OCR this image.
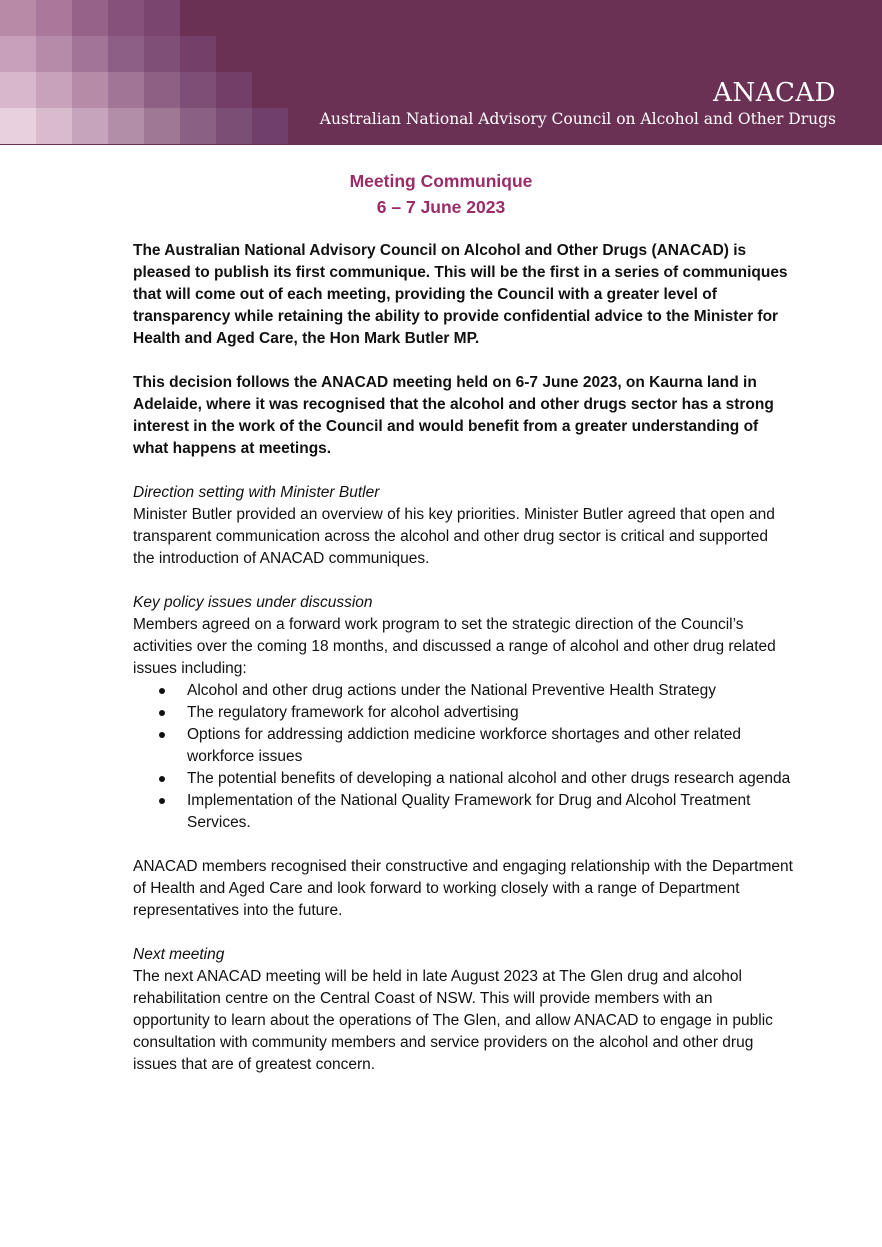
ANACAD
Australian National Advisory Council on Alcohol and Other Drugs
Meeting Communique
6 – 7 June 2023

The Australian National Advisory Council on Alcohol and Other Drugs (ANACAD) is pleased to publish its first communique. This will be the first in a series of communiques that will come out of each meeting, providing the Council with a greater level of transparency while retaining the ability to provide confidential advice to the Minister for Health and Aged Care, the Hon Mark Butler MP.

This decision follows the ANACAD meeting held on 6-7 June 2023, on Kaurna land in Adelaide, where it was recognised that the alcohol and other drugs sector has a strong interest in the work of the Council and would benefit from a greater understanding of what happens at meetings.

Direction setting with Minister Butler
Minister Butler provided an overview of his key priorities. Minister Butler agreed that open and transparent communication across the alcohol and other drug sector is critical and supported the introduction of ANACAD communiques.

Key policy issues under discussion
Members agreed on a forward work program to set the strategic direction of the Council’s activities over the coming 18 months, and discussed a range of alcohol and other drug related issues including:

Alcohol and other drug actions under the National Preventive Health Strategy
The regulatory framework for alcohol advertising
Options for addressing addiction medicine workforce shortages and other related workforce issues
The potential benefits of developing a national alcohol and other drugs research agenda
Implementation of the National Quality Framework for Drug and Alcohol Treatment Services.

ANACAD members recognised their constructive and engaging relationship with the Department of Health and Aged Care and look forward to working closely with a range of Department representatives into the future.

Next meeting
The next ANACAD meeting will be held in late August 2023 at The Glen drug and alcohol rehabilitation centre on the Central Coast of NSW. This will provide members with an opportunity to learn about the operations of The Glen, and allow ANACAD to engage in public consultation with community members and service providers on the alcohol and other drug issues that are of greatest concern.
